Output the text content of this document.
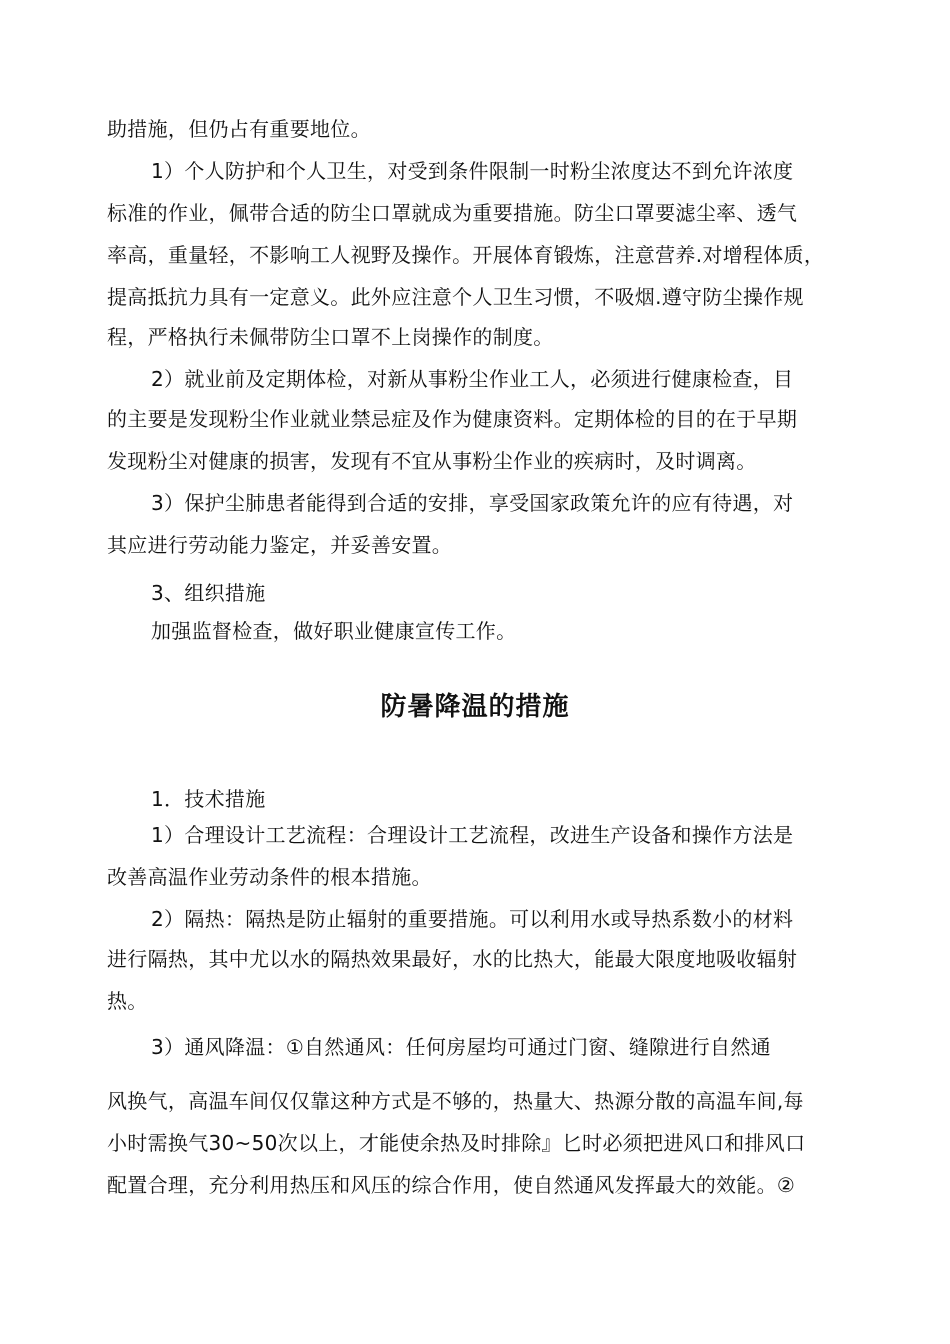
助措施，但仍占有重要地位。

1）个人防护和个人卫生，对受到条件限制一时粉尘浓度达不到允许浓度

标准的作业，佩带合适的防尘口罩就成为重要措施。防尘口罩要滤尘率、透气

率高，重量轻，不影响工人视野及操作。开展体育锻炼，注意营养.对增程体质，

提高抵抗力具有一定意义。此外应注意个人卫生习惯，不吸烟.遵守防尘操作规

程，严格执行未佩带防尘口罩不上岗操作的制度。

2）就业前及定期体检，对新从事粉尘作业工人，必须进行健康检查，目

的主要是发现粉尘作业就业禁忌症及作为健康资料。定期体检的目的在于早期

发现粉尘对健康的损害，发现有不宜从事粉尘作业的疾病时，及时调离。

3）保护尘肺患者能得到合适的安排，享受国家政策允许的应有待遇，对

其应进行劳动能力鉴定，并妥善安置。

3、组织措施

加强监督检查，做好职业健康宣传工作。

防暑降温的措施

1．技术措施

1）合理设计工艺流程：合理设计工艺流程，改进生产设备和操作方法是

改善高温作业劳动条件的根本措施。

2）隔热：隔热是防止辐射的重要措施。可以利用水或导热系数小的材料

进行隔热，其中尤以水的隔热效果最好，水的比热大，能最大限度地吸收辐射

热。

3）通风降温：①自然通风：任何房屋均可通过门窗、缝隙进行自然通

风换气，高温车间仅仅靠这种方式是不够的，热量大、热源分散的高温车间,每

小时需换气30~50次以上，才能使余热及时排除』匕时必须把进风口和排风口

配置合理，充分利用热压和风压的综合作用，使自然通风发挥最大的效能。②
